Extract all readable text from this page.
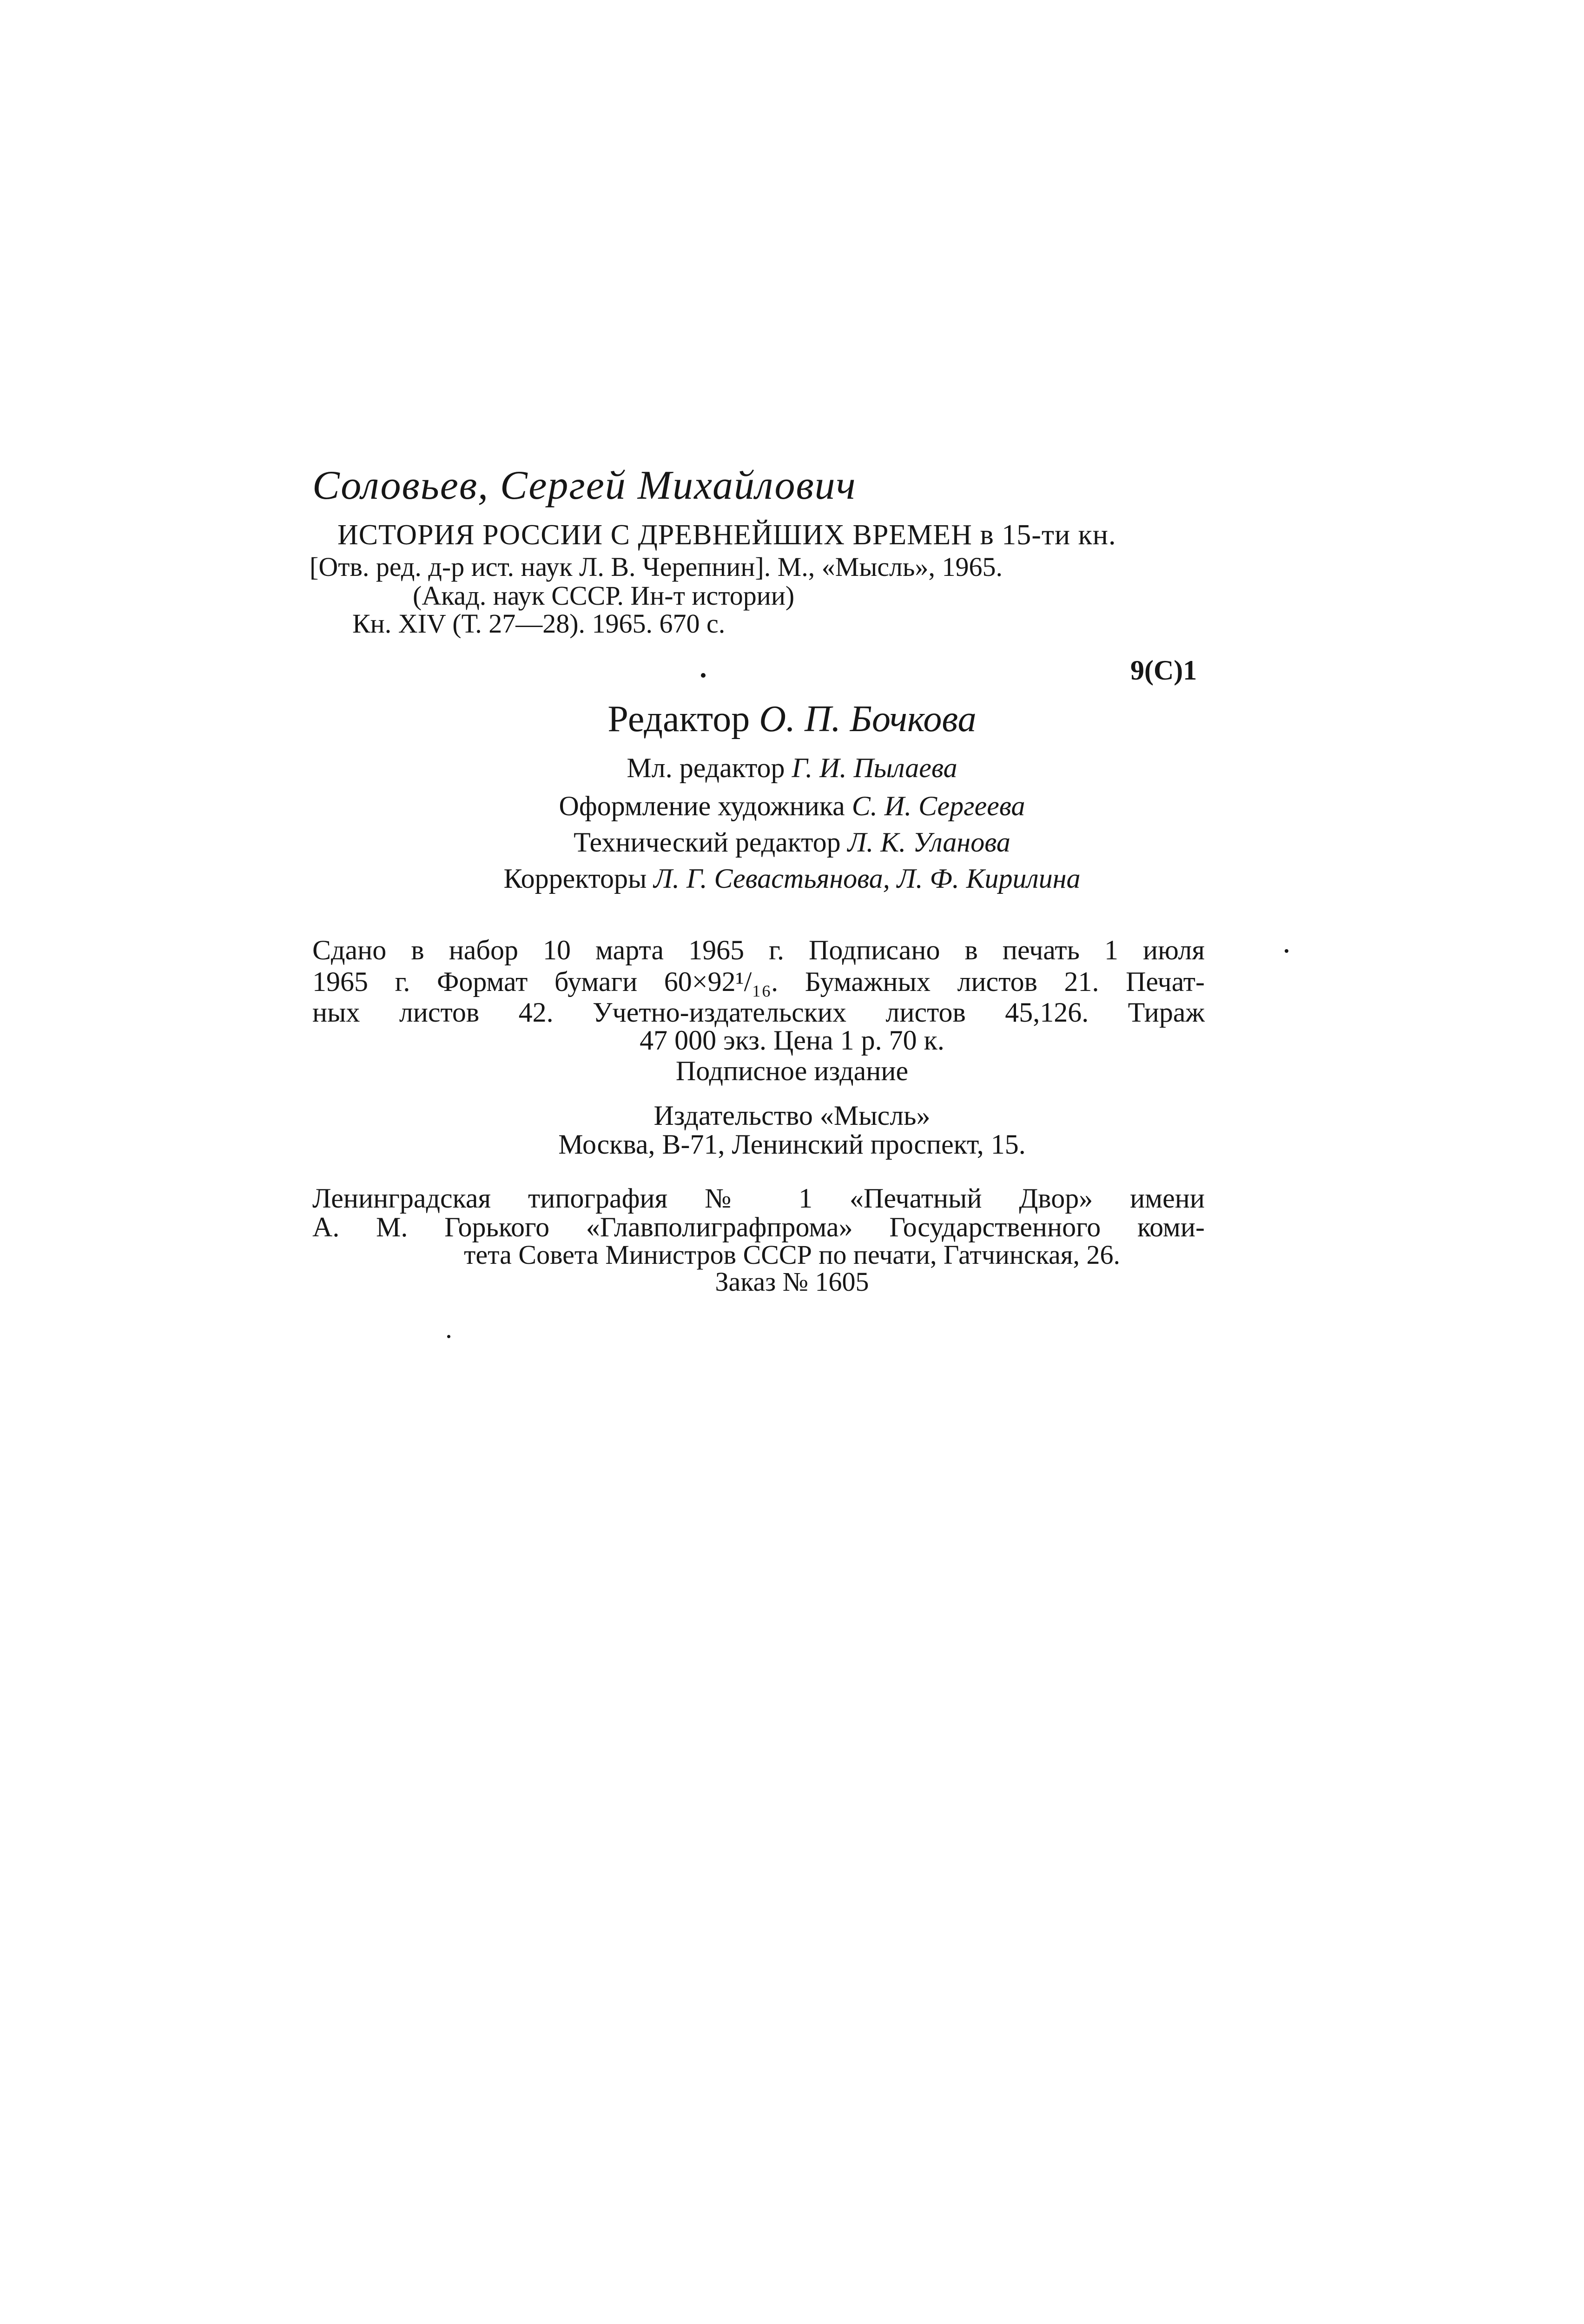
Соловьев, Сергей Михайлович
ИСТОРИЯ РОССИИ С ДРЕВНЕЙШИХ ВРЕМЕН в 15-ти кн.
[Отв. ред. д-р ист. наук Л. В. Черепнин]. М., «Мысль», 1965.
(Акад. наук СССР. Ин-т истории)
Кн. XIV (Т. 27—28). 1965. 670 с.
9(С)1
Редактор О. П. Бочкова
Мл. редактор Г. И. Пылаева
Оформление художника С. И. Сергеева
Технический редактор Л. К. Уланова
Корректоры Л. Г. Севастьянова, Л. Ф. Кирилина
Сдано в набор 10 марта 1965 г. Подписано в печать 1 июля
1965 г. Формат бумаги 60×92¹/₁₆. Бумажных листов 21. Печат-
ных листов 42. Учетно-издательских листов 45,126. Тираж
47 000 экз. Цена 1 р. 70 к.
Подписное издание
Издательство «Мысль»
Москва, В-71, Ленинский проспект, 15.
Ленинградская типография № 1 «Печатный Двор» имени
А. М. Горького «Главполиграфпрома» Государственного коми-
тета Совета Министров СССР по печати, Гатчинская, 26.
Заказ № 1605
